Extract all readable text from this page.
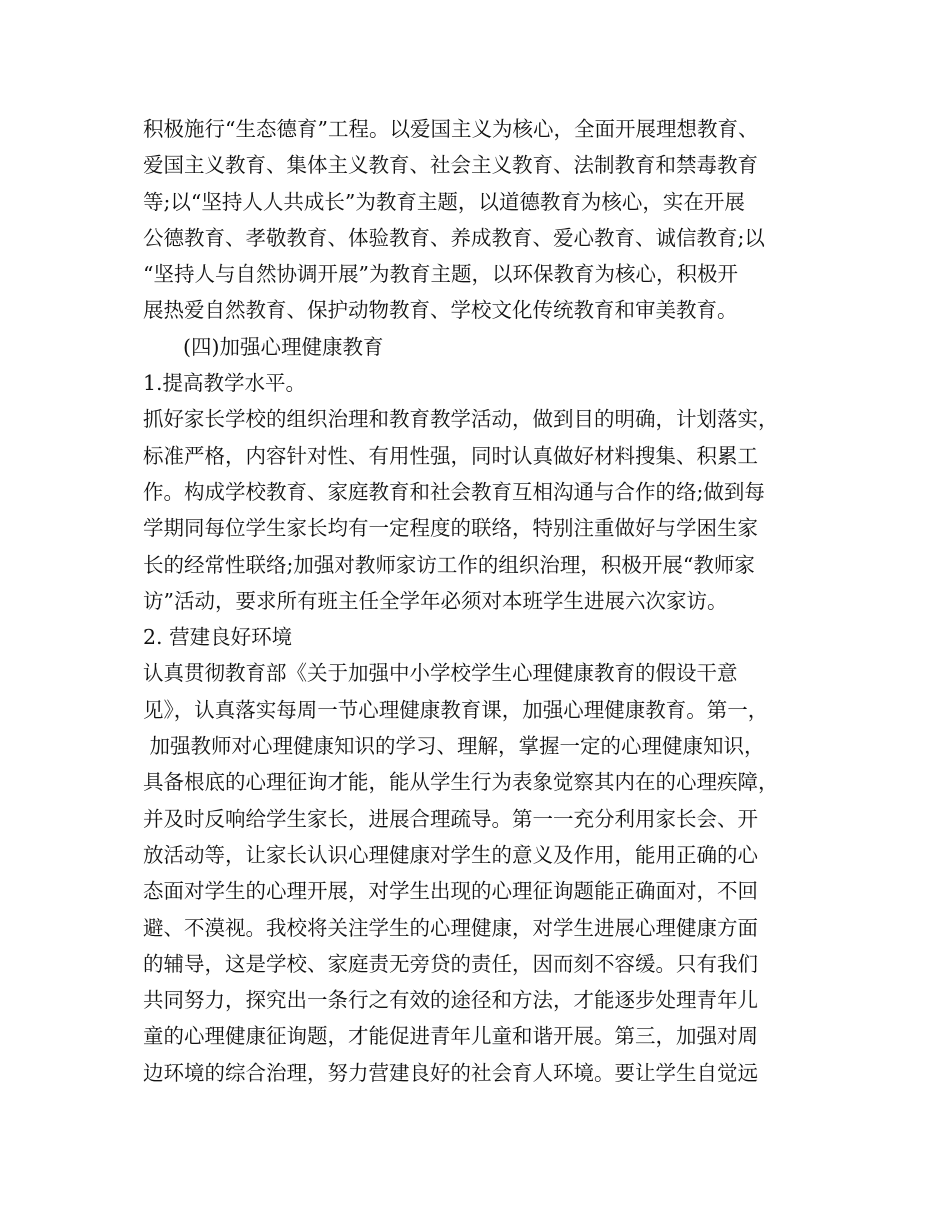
积极施行“生态德育”工程。以爱国主义为核心，全面开展理想教育、
爱国主义教育、集体主义教育、社会主义教育、法制教育和禁毒教育
等;以“坚持人人共成长”为教育主题，以道德教育为核心，实在开展
公德教育、孝敬教育、体验教育、养成教育、爱心教育、诚信教育;以
“坚持人与自然协调开展”为教育主题，以环保教育为核心，积极开
展热爱自然教育、保护动物教育、学校文化传统教育和审美教育。
(四)加强心理健康教育
1.提高教学水平。
抓好家长学校的组织治理和教育教学活动，做到目的明确，计划落实，
标准严格，内容针对性、有用性强，同时认真做好材料搜集、积累工
作。构成学校教育、家庭教育和社会教育互相沟通与合作的络;做到每
学期同每位学生家长均有一定程度的联络，特别注重做好与学困生家
长的经常性联络;加强对教师家访工作的组织治理，积极开展“教师家
访”活动，要求所有班主任全学年必须对本班学生进展六次家访。
2. 营建良好环境
认真贯彻教育部《关于加强中小学校学生心理健康教育的假设干意
见》，认真落实每周一节心理健康教育课，加强心理健康教育。第一，
加强教师对心理健康知识的学习、理解，掌握一定的心理健康知识，
具备根底的心理征询才能，能从学生行为表象觉察其内在的心理疾障，
并及时反响给学生家长，进展合理疏导。第一一充分利用家长会、开
放活动等，让家长认识心理健康对学生的意义及作用，能用正确的心
态面对学生的心理开展，对学生出现的心理征询题能正确面对，不回
避、不漠视。我校将关注学生的心理健康，对学生进展心理健康方面
的辅导，这是学校、家庭责无旁贷的责任，因而刻不容缓。只有我们
共同努力，探究出一条行之有效的途径和方法，才能逐步处理青年儿
童的心理健康征询题，才能促进青年儿童和谐开展。第三，加强对周
边环境的综合治理，努力营建良好的社会育人环境。要让学生自觉远
